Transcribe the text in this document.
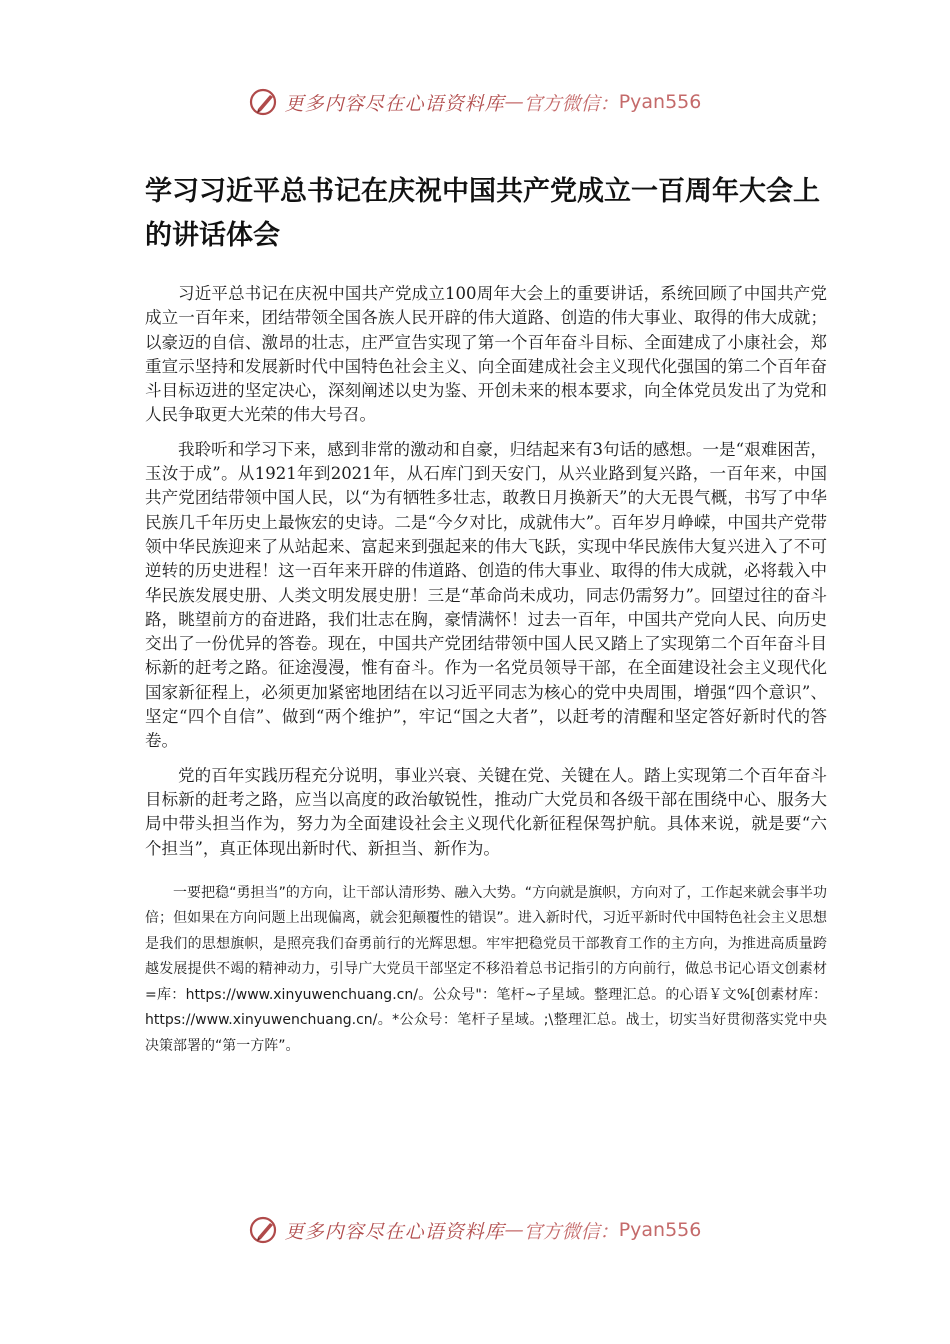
更多内容尽在心语资料库 — 官方微信： Pyan556
学习习近平总书记在庆祝中国共产党成立一百周年大会上的讲话体会

习近平总书记在庆祝中国共产党成立100周年大会上的重要讲话，系统回顾了中国共产党成立一百年来，团结带领全国各族人民开辟的伟大道路、创造的伟大事业、取得的伟大成就；以豪迈的自信、激昂的壮志，庄严宣告实现了第一个百年奋斗目标、全面建成了小康社会，郑重宣示坚持和发展新时代中国特色社会主义、向全面建成社会主义现代化强国的第二个百年奋斗目标迈进的坚定决心，深刻阐述以史为鉴、开创未来的根本要求，向全体党员发出了为党和人民争取更大光荣的伟大号召。

我聆听和学习下来，感到非常的激动和自豪，归结起来有3句话的感想。一是“艰难困苦，玉汝于成”。从1921年到2021年，从石库门到天安门，从兴业路到复兴路，一百年来，中国共产党团结带领中国人民，以“为有牺牲多壮志，敢教日月换新天”的大无畏气概，书写了中华民族几千年历史上最恢宏的史诗。二是“今夕对比，成就伟大”。百年岁月峥嵘，中国共产党带领中华民族迎来了从站起来、富起来到强起来的伟大飞跃，实现中华民族伟大复兴进入了不可逆转的历史进程！这一百年来开辟的伟道路、创造的伟大事业、取得的伟大成就，必将载入中华民族发展史册、人类文明发展史册！三是“革命尚未成功，同志仍需努力”。回望过往的奋斗路，眺望前方的奋进路，我们壮志在胸，豪情满怀！过去一百年，中国共产党向人民、向历史交出了一份优异的答卷。现在，中国共产党团结带领中国人民又踏上了实现第二个百年奋斗目标新的赶考之路。征途漫漫，惟有奋斗。作为一名党员领导干部，在全面建设社会主义现代化国家新征程上，必须更加紧密地团结在以习近平同志为核心的党中央周围，增强“四个意识”、坚定“四个自信”、做到“两个维护”，牢记“国之大者”，以赶考的清醒和坚定答好新时代的答卷。

党的百年实践历程充分说明，事业兴衰、关键在党、关键在人。踏上实现第二个百年奋斗目标新的赶考之路，应当以高度的政治敏锐性，推动广大党员和各级干部在围绕中心、服务大局中带头担当作为，努力为全面建设社会主义现代化新征程保驾护航。具体来说，就是要“六个担当”，真正体现出新时代、新担当、新作为。

一要把稳“勇担当”的方向，让干部认清形势、融入大势。“方向就是旗帜，方向对了，工作起来就会事半功倍；但如果在方向问题上出现偏离，就会犯颠覆性的错误”。进入新时代，习近平新时代中国特色社会主义思想是我们的思想旗帜，是照亮我们奋勇前行的光辉思想。牢牢把稳党员干部教育工作的主方向，为推进高质量跨越发展提供不竭的精神动力，引导广大党员干部坚定不移沿着总书记指引的方向前行，做总书记心语文创素材=库：https://www.xinyuwenchuang.cn/。公众号"：笔杆~子星域。整理汇总。的心语￥文%[创素材库：https://www.xinyuwenchuang.cn/。*公众号：笔杆子星域。;\整理汇总。战士，切实当好贯彻落实党中央决策部署的“第一方阵”。

更多内容尽在心语资料库 — 官方微信： Pyan556
